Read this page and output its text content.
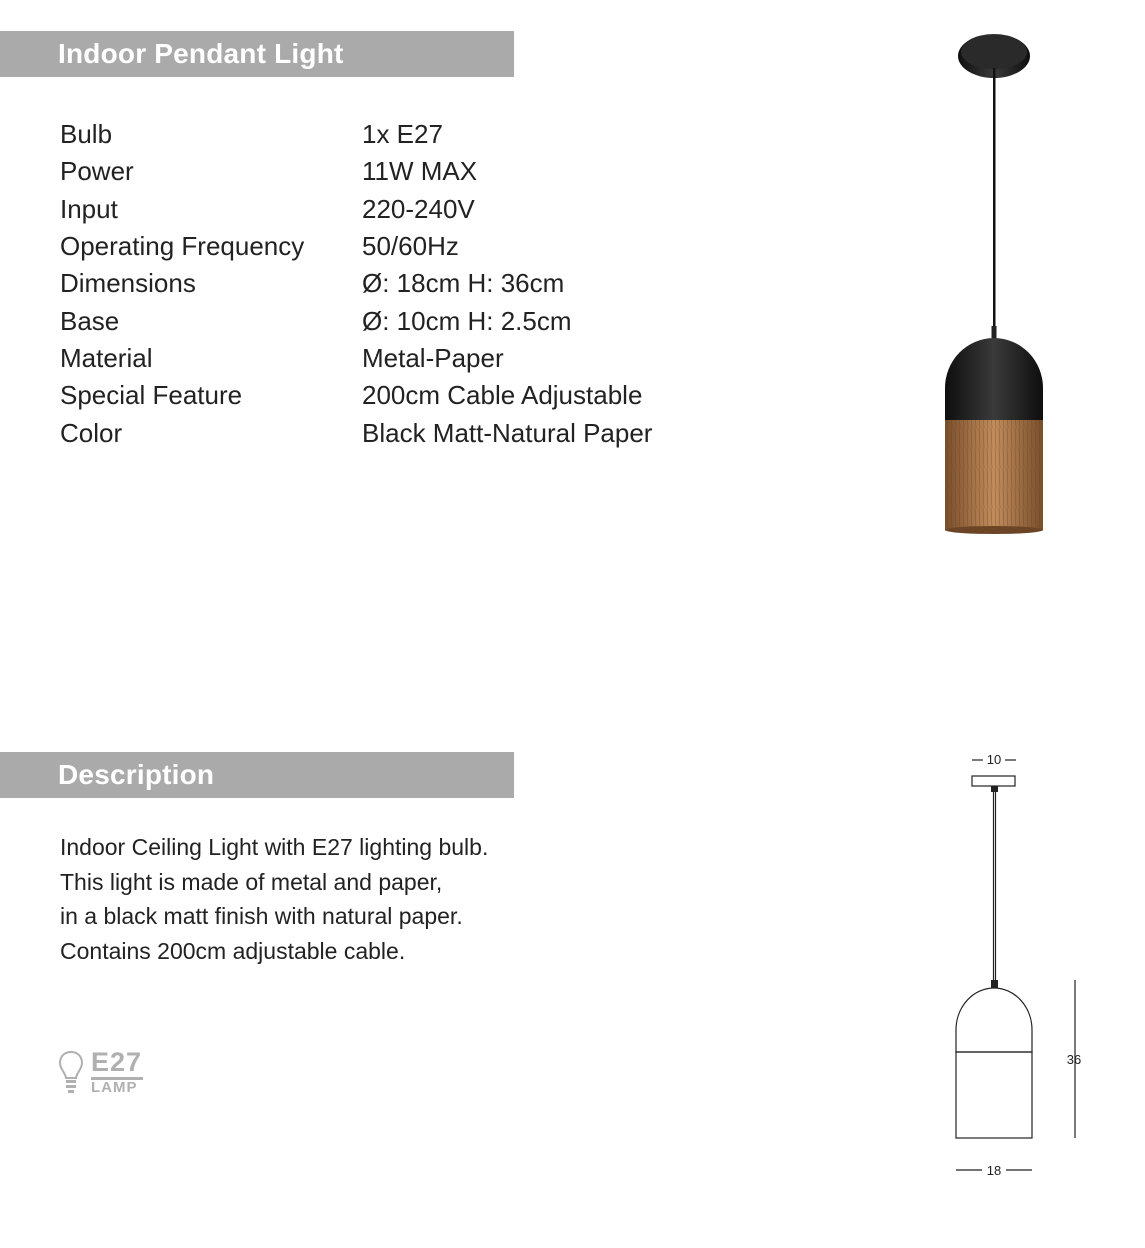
Indoor Pendant Light
Bulb	1x E27
Power	11W MAX
Input	220-240V
Operating Frequency	50/60Hz
Dimensions	Ø: 18cm H: 36cm
Base	Ø: 10cm H: 2.5cm
Material	Metal-Paper
Special Feature	200cm Cable Adjustable
Color	Black Matt-Natural Paper
Description
Indoor Ceiling Light with E27 lighting bulb.
This light is made of metal and paper,
in a black matt finish with natural paper.
Contains 200cm adjustable cable.
E27
LAMP
10
36
18
